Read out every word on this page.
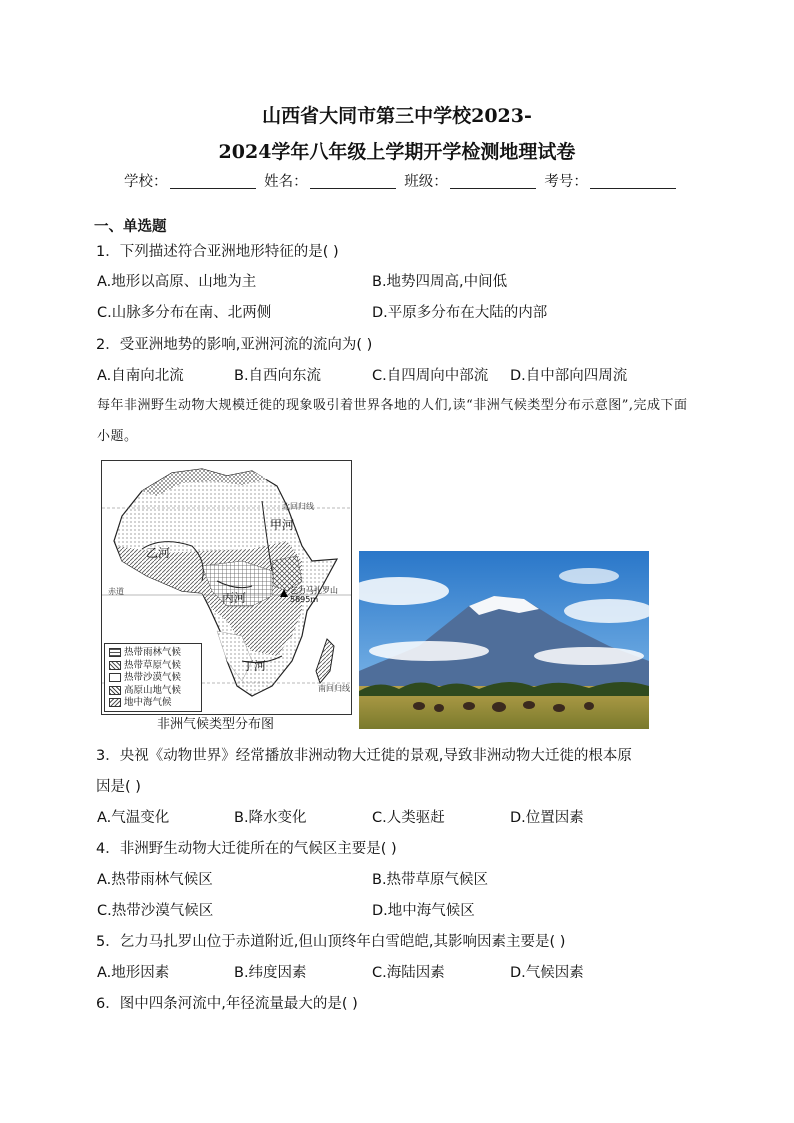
山西省大同市第三中学校2023-
2024学年八年级上学期开学检测地理试卷
学校：	姓名：	班级：	考号：
一、单选题
1．下列描述符合亚洲地形特征的是( )
A.地形以高原、山地为主	B.地势四周高,中间低
C.山脉多分布在南、北两侧	D.平原多分布在大陆的内部
2．受亚洲地势的影响,亚洲河流的流向为( )
A.自南向北流	B.自西向东流	C.自四周向中部流 D.自中部向四周流
每年非洲野生动物大规模迁徙的现象吸引着世界各地的人们,读“非洲气候类型分布示意图”,完成下面小题。
北回归线
赤道
南回归线
甲河
乙河
丙河
丁河
乞力马扎罗山
5895m
热带雨林气候
热带草原气候
热带沙漠气候
高原山地气候
地中海气候
非洲气候类型分布图
3．央视《动物世界》经常播放非洲动物大迁徙的景观,导致非洲动物大迁徙的根本原
因是( )
A.气温变化	B.降水变化	C.人类驱赶	D.位置因素
4．非洲野生动物大迁徙所在的气候区主要是( )
A.热带雨林气候区	B.热带草原气候区
C.热带沙漠气候区	D.地中海气候区
5．乞力马扎罗山位于赤道附近,但山顶终年白雪皑皑,其影响因素主要是( )
A.地形因素	B.纬度因素	C.海陆因素	D.气候因素
6．图中四条河流中,年径流量最大的是( )
